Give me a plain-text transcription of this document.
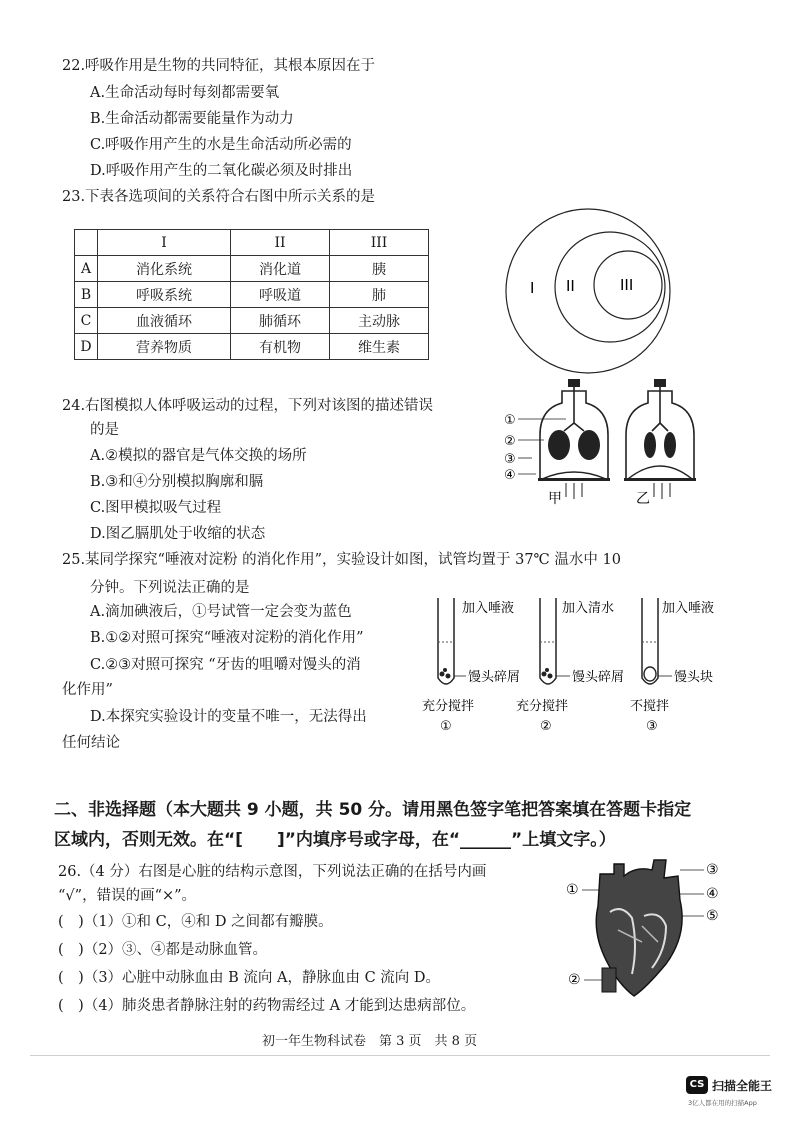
22.呼吸作用是生物的共同特征，其根本原因在于
A.生命活动每时每刻都需要氧
B.生命活动都需要能量作为动力
C.呼吸作用产生的水是生命活动所必需的
D.呼吸作用产生的二氧化碳必须及时排出
23.下表各选项间的关系符合右图中所示关系的是
	I	II	III
A	消化系统	消化道	胰
B	呼吸系统	呼吸道	肺
C	血液循环	肺循环	主动脉
D	营养物质	有机物	维生素
I II	III
24.右图模拟人体呼吸运动的过程，下列对该图的描述错误
的是
A.②模拟的器官是气体交换的场所
B.③和④分别模拟胸廓和膈
C.图甲模拟吸气过程
D.图乙膈肌处于收缩的状态
①
②
③
④
甲	乙
25.某同学探究“唾液对淀粉 的消化作用”，实验设计如图，试管均置于 37℃ 温水中 10
分钟。下列说法正确的是
A.滴加碘液后，①号试管一定会变为蓝色
B.①②对照可探究“唾液对淀粉的消化作用”
C.②③对照可探究 “牙齿的咀嚼对馒头的消
化作用”
D.本探究实验设计的变量不唯一，无法得出
任何结论
加入唾液
馒头碎屑
充分搅拌
①
加入清水
馒头碎屑
充分搅拌
②
加入唾液
馒头块
不搅拌
③
二、非选择题（本大题共 9 小题，共 50 分。请用黑色签字笔把答案填在答题卡指定
区域内，否则无效。在“[　　]”内填序号或字母，在“______”上填文字。）
26.（4 分）右图是心脏的结构示意图，下列说法正确的在括号内画
“√”，错误的画“×”。
(　)（1）①和 C，④和 D 之间都有瓣膜。
(　)（2）③、④都是动脉血管。
(　)（3）心脏中动脉血由 B 流向 A，静脉血由 C 流向 D。
(　)（4）肺炎患者静脉注射的药物需经过 A 才能到达患病部位。
③
①	④
⑤
②
初一年生物科试卷　第 3 页　共 8 页
CS 扫描全能王
3亿人都在用的扫描App
